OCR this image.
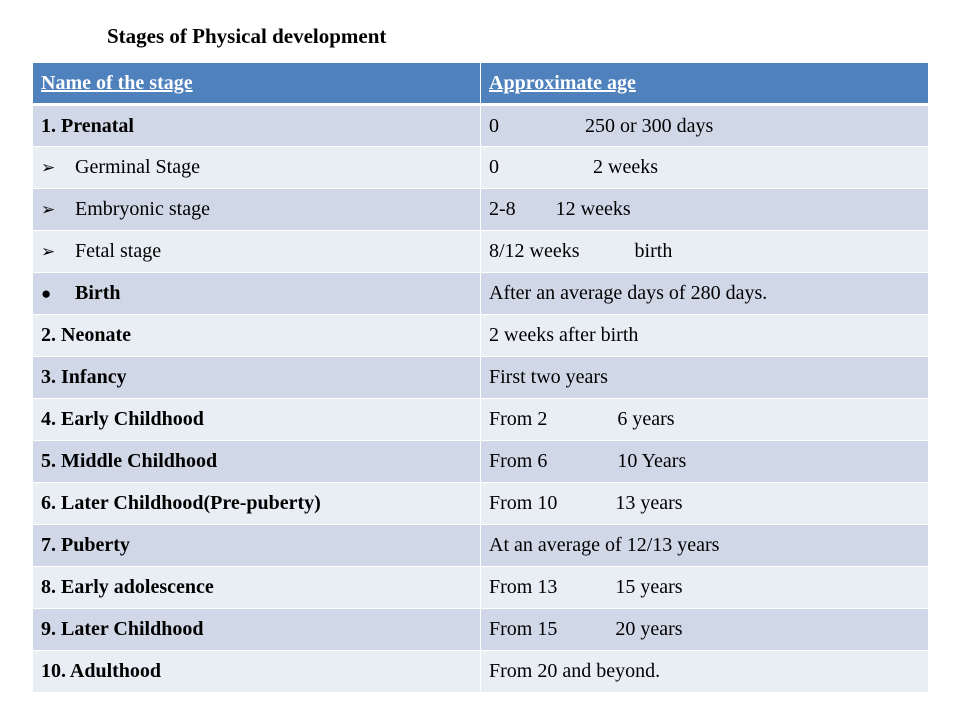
Stages of Physical development
Name of the stage	Approximate age
1. Prenatal	0 250 or 300 days
➢ Germinal Stage	0 2 weeks
➢ Embryonic stage	2-8 12 weeks
➢ Fetal stage	8/12 weeks birth
● Birth	After an average days of 280 days.
2. Neonate	2 weeks after birth
3. Infancy	First two years
4. Early Childhood	From 2 6 years
5. Middle Childhood	From 6 10 Years
6. Later Childhood(Pre-puberty)	From 10 13 years
7. Puberty	At an average of 12/13 years
8. Early adolescence	From 13 15 years
9. Later Childhood	From 15 20 years
10. Adulthood	From 20 and beyond.
